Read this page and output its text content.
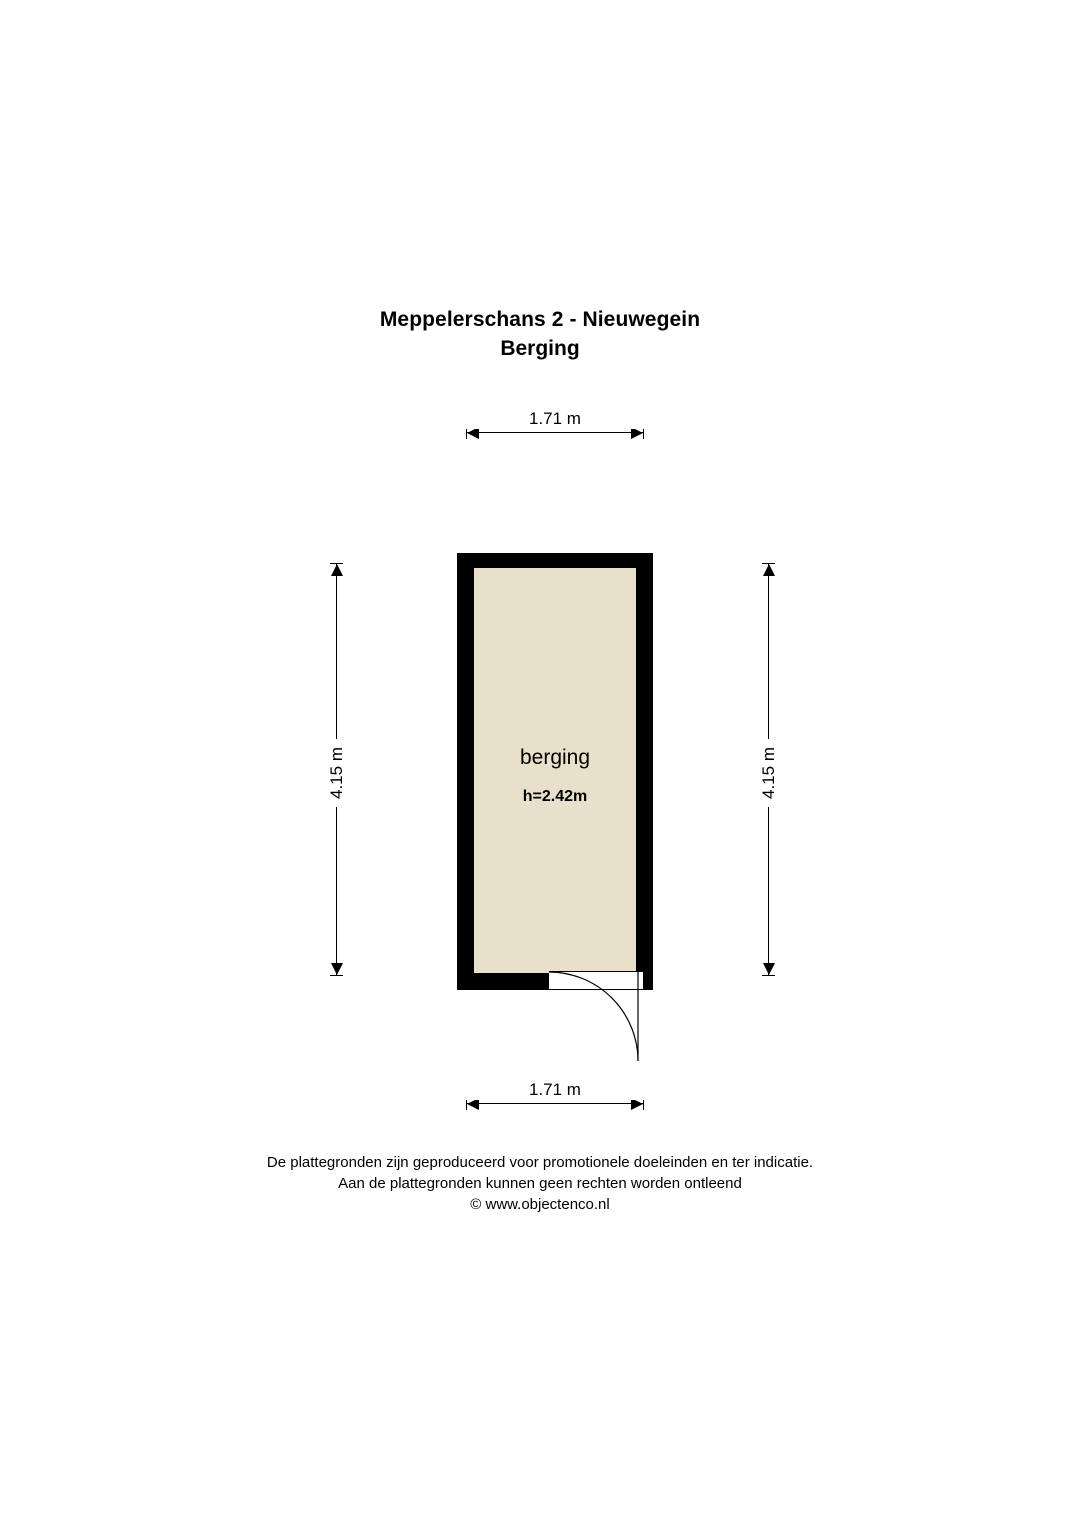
Meppelerschans 2 - Nieuwegein
Berging
1.71 m
4.15 m	4.15 m
berging
h=2.42m
1.71 m
De plattegronden zijn geproduceerd voor promotionele doeleinden en ter indicatie.
Aan de plattegronden kunnen geen rechten worden ontleend
© www.objectenco.nl
